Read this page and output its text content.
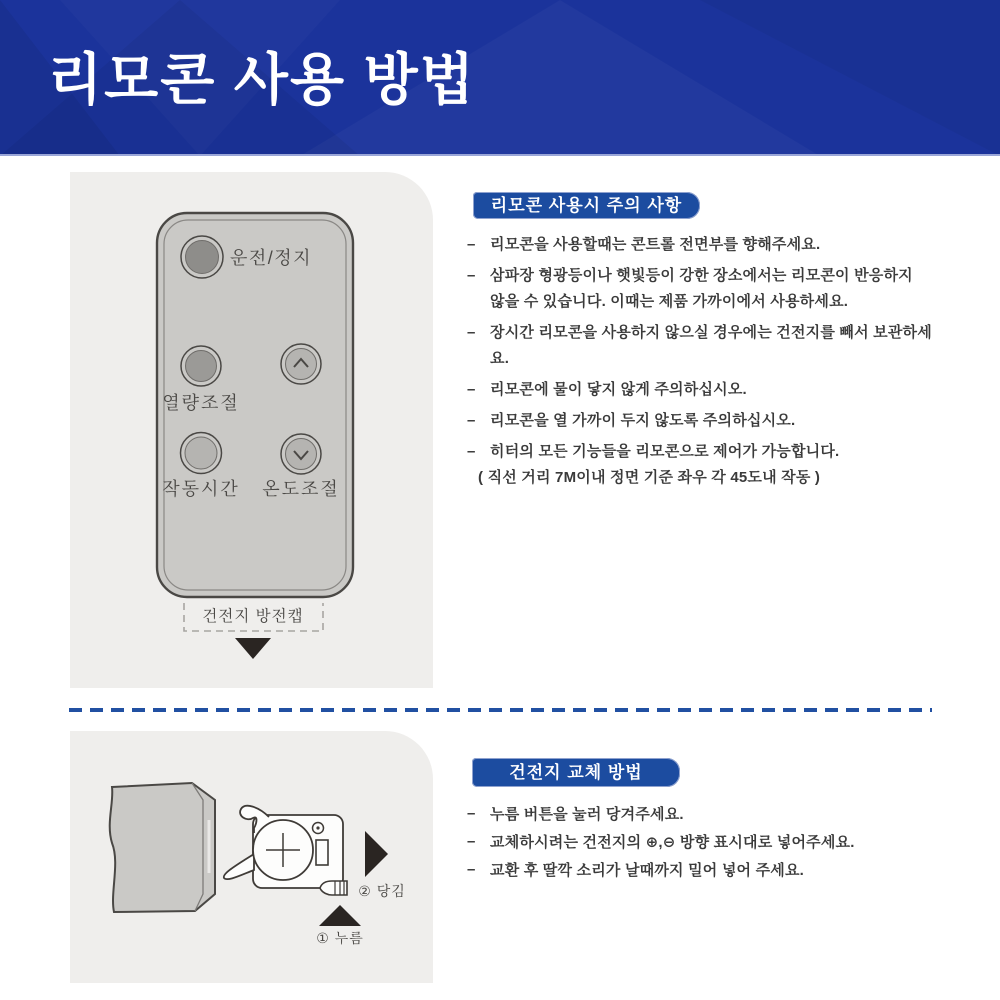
리모콘 사용 방법
운전/정지
열량조절
작동시간 온도조절
건전지 방전캡
리모콘 사용시 주의 사항
– 리모콘을 사용할때는 콘트롤 전면부를 향해주세요.
– 삼파장 형광등이나 햇빛등이 강한 장소에서는 리모콘이 반응하지
않을 수 있습니다. 이때는 제품 가까이에서 사용하세요.
– 장시간 리모콘을 사용하지 않으실 경우에는 건전지를 빼서 보관하세요.
– 리모콘에 물이 닿지 않게 주의하십시오.
– 리모콘을 열 가까이 두지 않도록 주의하십시오.
– 히터의 모든 기능들을 리모콘으로 제어가 가능합니다.
( 직선 거리 7M이내 정면 기준 좌우 각 45도내 작동 )
② 당김
① 누름
건전지 교체 방법
– 누름 버튼을 눌러 당겨주세요.
– 교체하시려는 건전지의 ⊕,⊖ 방향 표시대로 넣어주세요.
– 교환 후 딸깍 소리가 날때까지 밀어 넣어 주세요.
